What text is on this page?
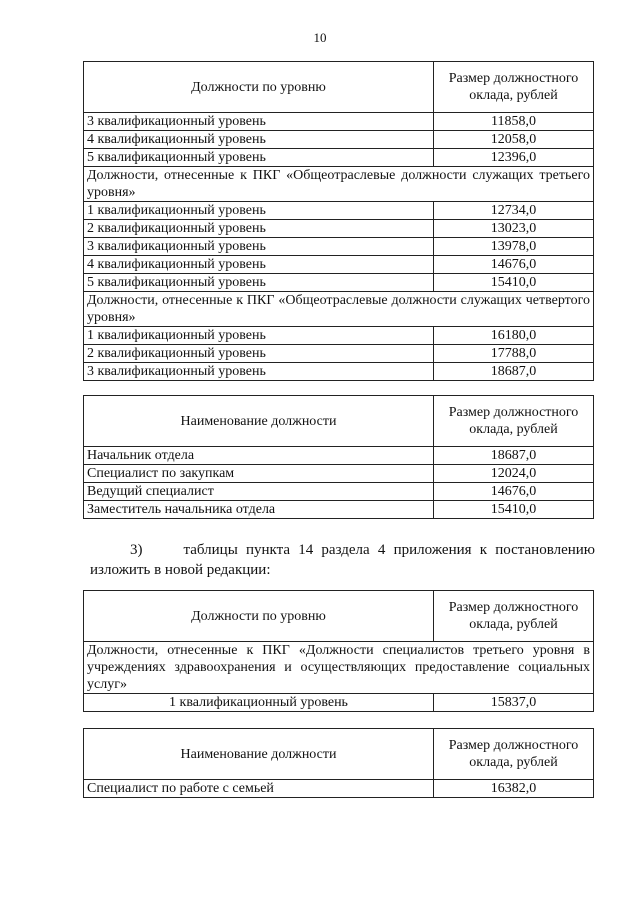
10
Должности по уровню	Размер должностного оклада, рублей
3 квалификационный уровень	11858,0
4 квалификационный уровень	12058,0
5 квалификационный уровень	12396,0
Должности, отнесенные к ПКГ «Общеотраслевые должности служащих третьего уровня»	
1 квалификационный уровень	12734,0
2 квалификационный уровень	13023,0
3 квалификационный уровень	13978,0
4 квалификационный уровень	14676,0
5 квалификационный уровень	15410,0
Должности, отнесенные к ПКГ «Общеотраслевые должности служащих четвертого уровня»	
1 квалификационный уровень	16180,0
2 квалификационный уровень	17788,0
3 квалификационный уровень	18687,0
Наименование должности	Размер должностного оклада, рублей
Начальник отдела	18687,0
Специалист по закупкам	12024,0
Ведущий специалист	14676,0
Заместитель начальника отдела	15410,0
3)     таблицы пункта 14 раздела 4 приложения к постановлению изложить в новой редакции:
Должности по уровню	Размер должностного оклада, рублей
Должности, отнесенные к ПКГ «Должности специалистов третьего уровня в учреждениях здравоохранения и осуществляющих предоставление социальных услуг»	
1 квалификационный уровень	15837,0
Наименование должности	Размер должностного оклада, рублей
Специалист по работе с семьей	16382,0
